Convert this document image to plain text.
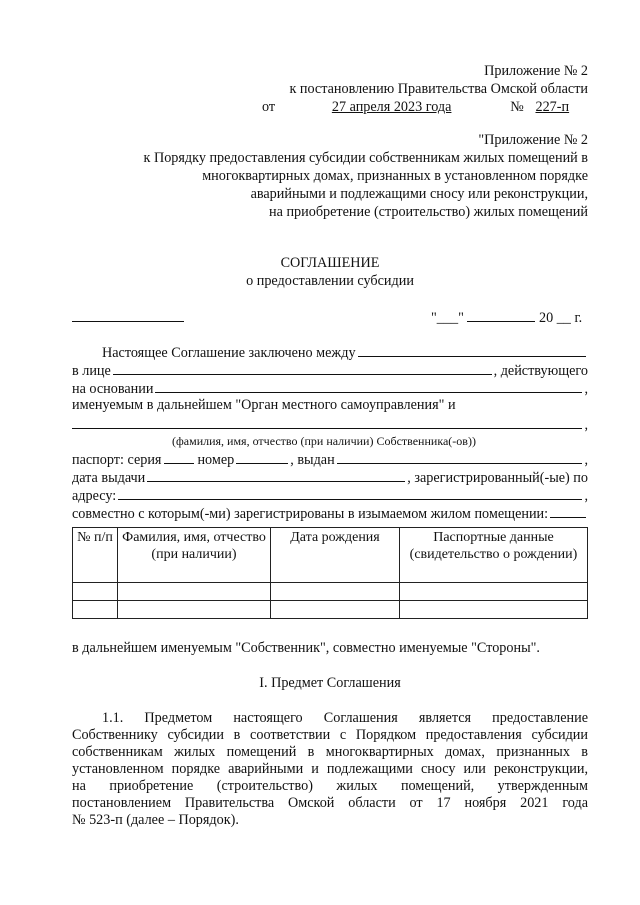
Приложение № 2
к постановлению Правительства Омской области
от	27 апреля 2023 года	№ 227-п
"Приложение № 2
к Порядку предоставления субсидии собственникам жилых помещений в
многоквартирных домах, признанных в установленном порядке
аварийными и подлежащими сносу или реконструкции,
на приобретение (строительство) жилых помещений
СОГЛАШЕНИЕ
о предоставлении субсидии
"___"	20 __ г.
Настоящее Соглашение заключено между
в лице	, действующего
на основании	,
именуемым в дальнейшем "Орган местного самоуправления" и
,
(фамилия, имя, отчество (при наличии) Собственника(-ов))
паспорт: серия	номер	, выдан	,
дата выдачи	, зарегистрированный(-ые) по
адресу:	,
совместно с которым(-ми) зарегистрированы в изымаемом жилом помещении:
№ п/п	Фамилия, имя, отчество (при наличии)	Дата рождения	Паспортные данные (свидетельство о рождении)

в дальнейшем именуемым "Собственник", совместно именуемые "Стороны".
I. Предмет Соглашения
1.1. Предметом настоящего Соглашения является предоставление
Собственнику субсидии в соответствии с Порядком предоставления субсидии
собственникам жилых помещений в многоквартирных домах, признанных в
установленном порядке аварийными и подлежащими сносу или реконструкции,
на приобретение (строительство) жилых помещений, утвержденным
постановлением Правительства Омской области от 17 ноября 2021 года
№ 523-п (далее – Порядок).
